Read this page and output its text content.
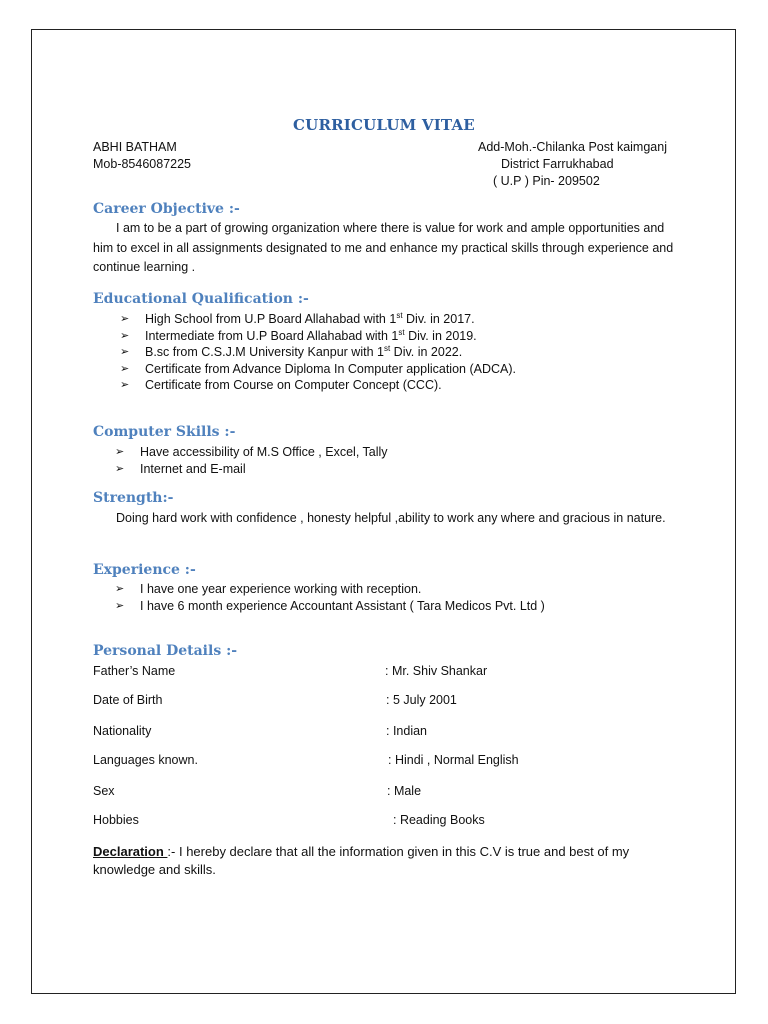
CURRICULUM VITAE
ABHI BATHAM
Mob-8546087225
Add-Moh.-Chilanka Post kaimganj
District Farrukhabad
( U.P ) Pin- 209502
Career Objective :-
I am to be a part of growing organization where there is value for work and ample opportunities and him to excel in all assignments designated to me and enhance my practical skills through experience and continue learning .
Educational Qualification :-
➢ High School from U.P Board Allahabad with 1st Div. in 2017.
➢ Intermediate from U.P Board Allahabad with 1st Div. in 2019.
➢ B.sc from C.S.J.M University Kanpur with 1st Div. in 2022.
➢ Certificate from Advance Diploma In Computer application (ADCA).
➢ Certificate from Course on Computer Concept (CCC).
Computer Skills :-
➢ Have accessibility of M.S Office , Excel, Tally
➢ Internet and E-mail
Strength:-
Doing hard work with confidence , honesty helpful ,ability to work any where and gracious in nature.
Experience :-
➢ I have one year experience working with reception.
➢ I have 6 month experience Accountant Assistant ( Tara Medicos Pvt. Ltd )
Personal Details :-
Father’s Name	: Mr. Shiv Shankar
Date of Birth	: 5 July 2001
Nationality	: Indian
Languages known.	: Hindi , Normal English
Sex	: Male
Hobbies	: Reading Books
Declaration :- I hereby declare that all the information given in this C.V is true and best of my knowledge and skills.
